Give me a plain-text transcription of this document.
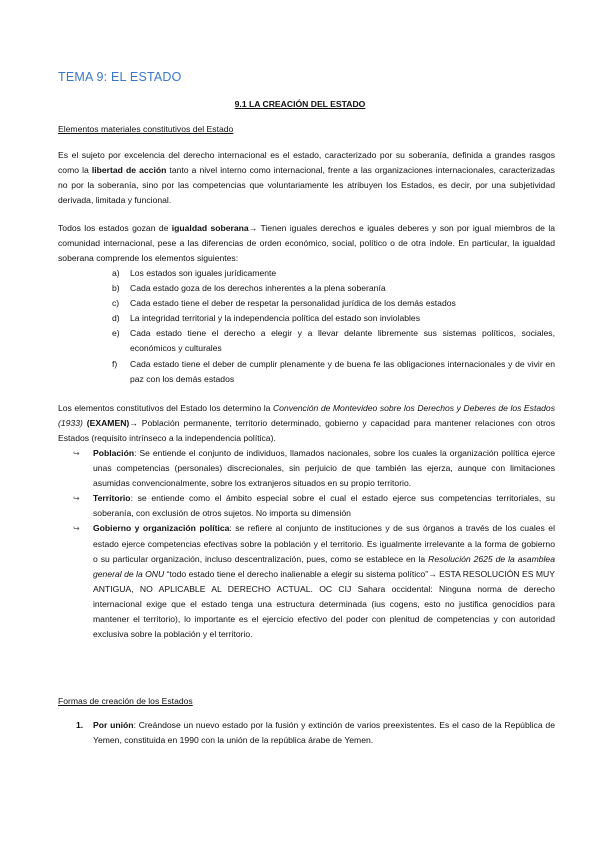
TEMA 9: EL ESTADO
9.1 LA CREACIÓN DEL ESTADO
Elementos materiales constitutivos del Estado
Es el sujeto por excelencia del derecho internacional es el estado, caracterizado por su soberanía, definida a grandes rasgos como la libertad de acción tanto a nivel interno como internacional, frente a las organizaciones internacionales, caracterizadas no por la soberanía, sino por las competencias que voluntariamente les atribuyen los Estados, es decir, por una subjetividad derivada, limitada y funcional.
Todos los estados gozan de igualdad soberana→ Tienen iguales derechos e iguales deberes y son por igual miembros de la comunidad internacional, pese a las diferencias de orden económico, social, político o de otra índole. En particular, la igualdad soberana comprende los elementos siguientes:
a) Los estados son iguales jurídicamente
b) Cada estado goza de los derechos inherentes a la plena soberanía
c) Cada estado tiene el deber de respetar la personalidad jurídica de los demás estados
d) La integridad territorial y la independencia política del estado son inviolables
e) Cada estado tiene el derecho a elegir y a llevar delante libremente sus sistemas políticos, sociales, económicos y culturales
f) Cada estado tiene el deber de cumplir plenamente y de buena fe las obligaciones internacionales y de vivir en paz con los demás estados
Los elementos constitutivos del Estado los determino la Convención de Montevideo sobre los Derechos y Deberes de los Estados (1933) (EXAMEN)→ Población permanente, territorio determinado, gobierno y capacidad para mantener relaciones con otros Estados (requisito intrínseco a la independencia política).
↪ Población: Se entiende el conjunto de individuos, llamados nacionales, sobre los cuales la organización política ejerce unas competencias (personales) discrecionales, sin perjuicio de que también las ejerza, aunque con limitaciones asumidas convencionalmente, sobre los extranjeros situados en su propio territorio.
↪ Territorio: se entiende como el ámbito especial sobre el cual el estado ejerce sus competencias territoriales, su soberanía, con exclusión de otros sujetos. No importa su dimensión
↪ Gobierno y organización política: se refiere al conjunto de instituciones y de sus órganos a través de los cuales el estado ejerce competencias efectivas sobre la población y el territorio. Es igualmente irrelevante a la forma de gobierno o su particular organización, incluso descentralización, pues, como se establece en la Resolución 2625 de la asamblea general de la ONU “todo estado tiene el derecho inalienable a elegir su sistema político”→ ESTA RESOLUCIÓN ES MUY ANTIGUA, NO APLICABLE AL DERECHO ACTUAL. OC CIJ Sahara occidental: Ninguna norma de derecho internacional exige que el estado tenga una estructura determinada (ius cogens, esto no justifica genocidios para mantener el territorio), lo importante es el ejercicio efectivo del poder con plenitud de competencias y con autoridad exclusiva sobre la población y el territorio.
Formas de creación de los Estados
1. Por unión: Creándose un nuevo estado por la fusión y extinción de varios preexistentes. Es el caso de la República de Yemen, constituida en 1990 con la unión de la república árabe de Yemen.
